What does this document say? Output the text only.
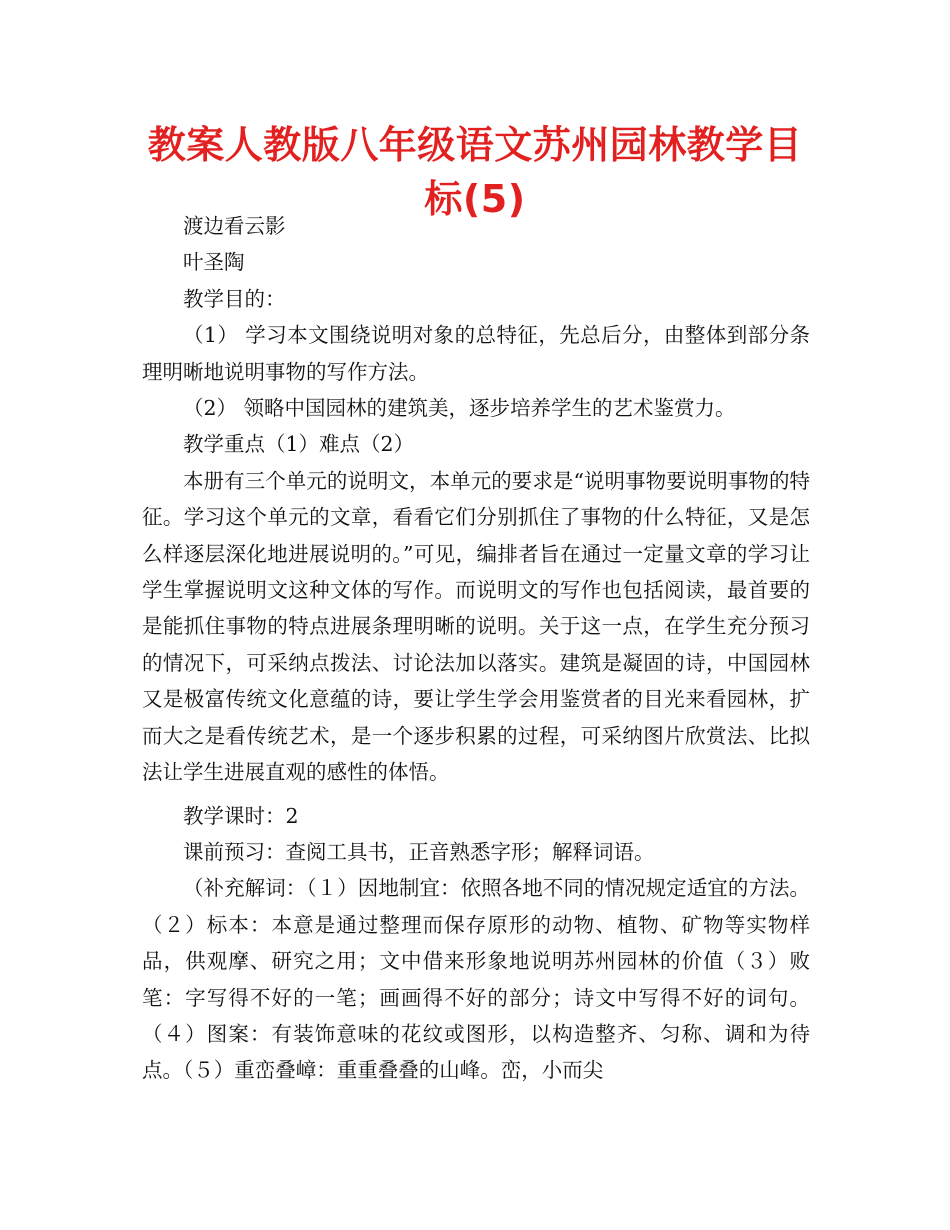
教案人教版八年级语文苏州园林教学目标(5)

渡边看云影

叶圣陶

教学目的：

（1） 学习本文围绕说明对象的总特征，先总后分，由整体到部分条理明晰地说明事物的写作方法。

（2） 领略中国园林的建筑美，逐步培养学生的艺术鉴赏力。

教学重点（1）难点（2）

本册有三个单元的说明文，本单元的要求是“说明事物要说明事物的特征。学习这个单元的文章，看看它们分别抓住了事物的什么特征，又是怎么样逐层深化地进展说明的。”可见，编排者旨在通过一定量文章的学习让学生掌握说明文这种文体的写作。而说明文的写作也包括阅读，最首要的是能抓住事物的特点进展条理明晰的说明。关于这一点，在学生充分预习的情况下，可采纳点拨法、讨论法加以落实。建筑是凝固的诗，中国园林又是极富传统文化意蕴的诗，要让学生学会用鉴赏者的目光来看园林，扩而大之是看传统艺术，是一个逐步积累的过程，可采纳图片欣赏法、比拟法让学生进展直观的感性的体悟。

教学课时：2

课前预习：查阅工具书，正音熟悉字形；解释词语。

（补充解词：（１）因地制宜：依照各地不同的情况规定适宜的方法。（２）标本：本意是通过整理而保存原形的动物、植物、矿物等实物样品，供观摩、研究之用；文中借来形象地说明苏州园林的价值（３）败笔：字写得不好的一笔；画画得不好的部分；诗文中写得不好的词句。（４）图案：有装饰意味的花纹或图形，以构造整齐、匀称、调和为待点。（５）重峦叠嶂：重重叠叠的山峰。峦，小而尖
